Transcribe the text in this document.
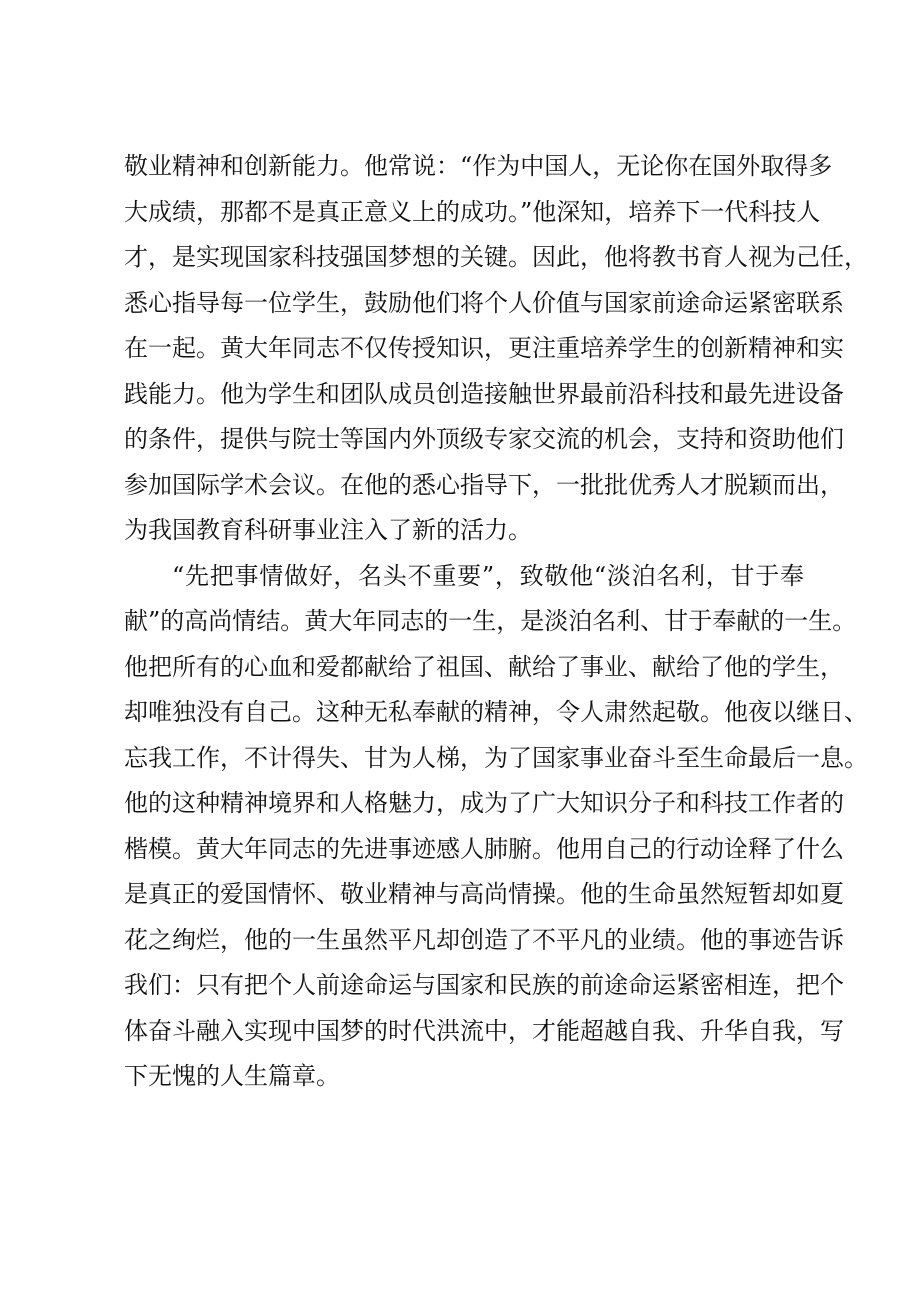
敬业精神和创新能力。他常说：“作为中国人，无论你在国外取得多
大成绩，那都不是真正意义上的成功。”他深知，培养下一代科技人
才，是实现国家科技强国梦想的关键。因此，他将教书育人视为己任，
悉心指导每一位学生，鼓励他们将个人价值与国家前途命运紧密联系
在一起。黄大年同志不仅传授知识，更注重培养学生的创新精神和实
践能力。他为学生和团队成员创造接触世界最前沿科技和最先进设备
的条件，提供与院士等国内外顶级专家交流的机会，支持和资助他们
参加国际学术会议。在他的悉心指导下，一批批优秀人才脱颖而出，
为我国教育科研事业注入了新的活力。

“先把事情做好，名头不重要”，致敬他“淡泊名利，甘于奉
献”的高尚情结。黄大年同志的一生，是淡泊名利、甘于奉献的一生。
他把所有的心血和爱都献给了祖国、献给了事业、献给了他的学生，
却唯独没有自己。这种无私奉献的精神，令人肃然起敬。他夜以继日、
忘我工作，不计得失、甘为人梯，为了国家事业奋斗至生命最后一息。
他的这种精神境界和人格魅力，成为了广大知识分子和科技工作者的
楷模。黄大年同志的先进事迹感人肺腑。他用自己的行动诠释了什么
是真正的爱国情怀、敬业精神与高尚情操。他的生命虽然短暂却如夏
花之绚烂，他的一生虽然平凡却创造了不平凡的业绩。他的事迹告诉
我们：只有把个人前途命运与国家和民族的前途命运紧密相连，把个
体奋斗融入实现中国梦的时代洪流中，才能超越自我、升华自我，写
下无愧的人生篇章。
